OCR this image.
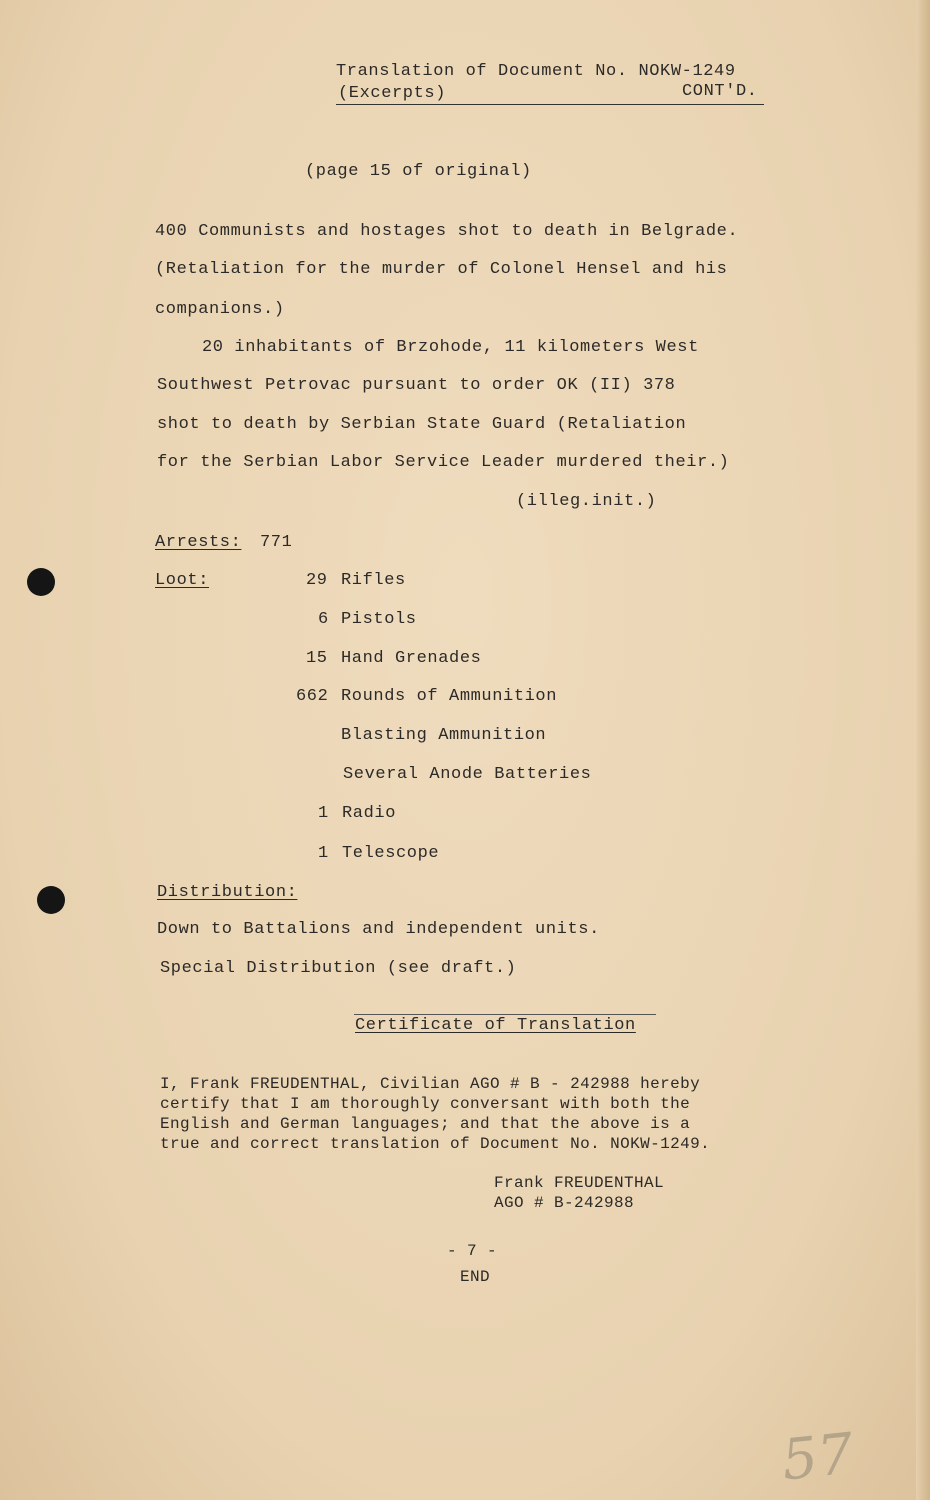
Translation of Document No. NOKW-1249
(Excerpts)	CONT'D.
(page 15 of original)
400 Communists and hostages shot to death in Belgrade.
(Retaliation for the murder of Colonel Hensel and his
companions.)
20 inhabitants of Brzohode, 11 kilometers West
Southwest Petrovac pursuant to order OK (II) 378
shot to death by Serbian State Guard (Retaliation
for the Serbian Labor Service Leader murdered their.)
(illeg.init.)
Arrests: 771
Loot:	29 Rifles
6 Pistols
15 Hand Grenades
662 Rounds of Ammunition
Blasting Ammunition
Several Anode Batteries
1 Radio
1 Telescope
Distribution:
Down to Battalions and independent units.
Special Distribution (see draft.)
Certificate of Translation
I, Frank FREUDENTHAL, Civilian AGO # B - 242988 hereby
certify that I am thoroughly conversant with both the
English and German languages; and that the above is a
true and correct translation of Document No. NOKW-1249.
Frank FREUDENTHAL
AGO # B-242988
- 7 -
END
57
